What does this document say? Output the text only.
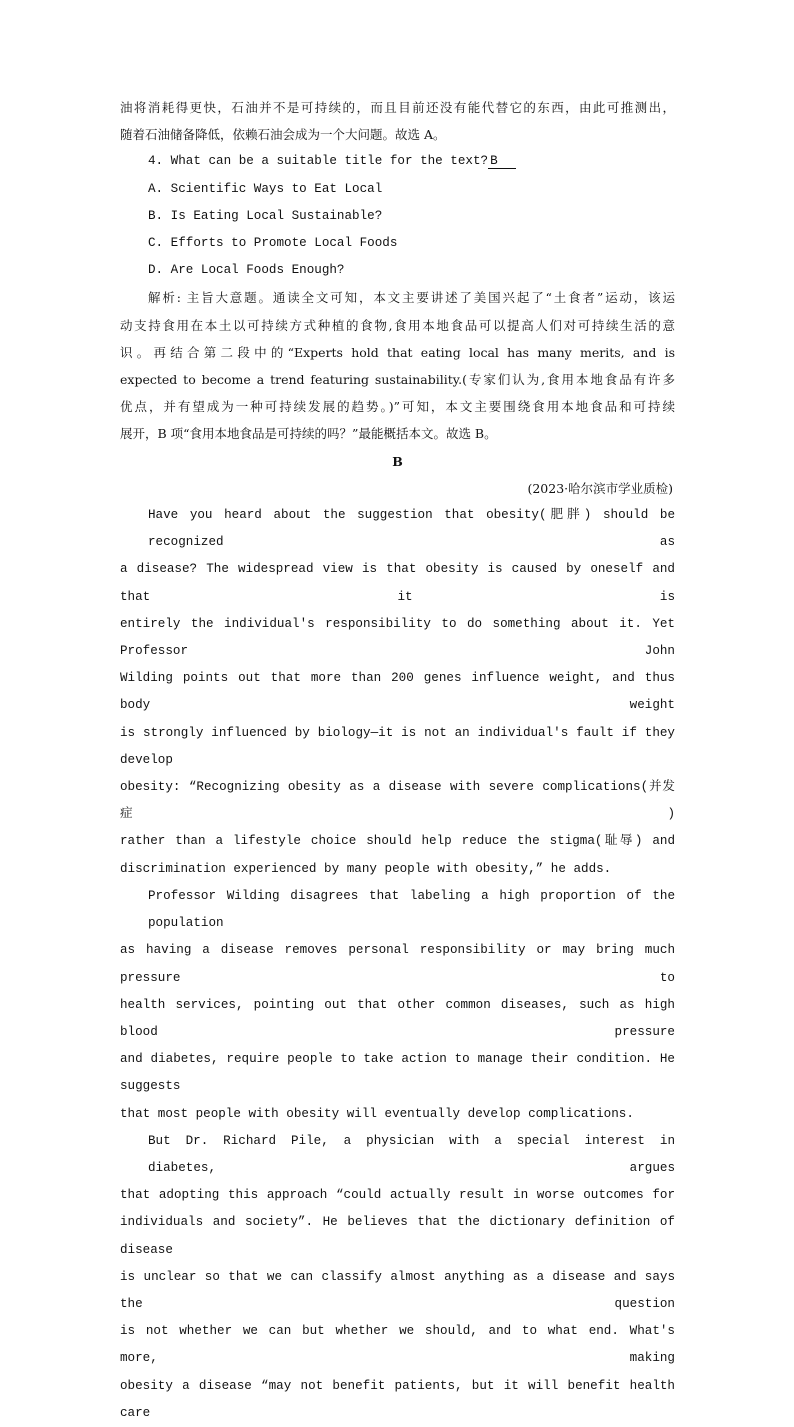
油将消耗得更快，石油并不是可持续的，而且目前还没有能代替它的东西，由此可推测出，
随着石油储备降低，依赖石油会成为一个大问题。故选 A。
4. What can be a suitable title for the text? B
A. Scientific Ways to Eat Local
B. Is Eating Local Sustainable?
C. Efforts to Promote Local Foods
D. Are Local Foods Enough?
解析: 主旨大意题。通读全文可知，本文主要讲述了美国兴起了“土食者”运动，该运
动支持食用在本土以可持续方式种植的食物,食用本地食品可以提高人们对可持续生活的意
识。再结合第二段中的“Experts hold that eating local has many merits, and is
expected to become a trend featuring sustainability.(专家们认为,食用本地食品有许多
优点，并有望成为一种可持续发展的趋势。)”可知，本文主要围绕食用本地食品和可持续
展开，B 项“食用本地食品是可持续的吗？”最能概括本文。故选 B。
B
(2023·哈尔滨市学业质检)
Have you heard about the suggestion that obesity(肥胖) should be recognized as
a disease? The widespread view is that obesity is caused by oneself and that it is
entirely the individual's responsibility to do something about it. Yet Professor John
Wilding points out that more than 200 genes influence weight, and thus body weight
is strongly influenced by biology—it is not an individual's fault if they develop
obesity: “Recognizing obesity as a disease with severe complications(并发症)
rather than a lifestyle choice should help reduce the stigma(耻辱) and
discrimination experienced by many people with obesity,” he adds.
Professor Wilding disagrees that labeling a high proportion of the population
as having a disease removes personal responsibility or may bring much pressure to
health services, pointing out that other common diseases, such as high blood pressure
and diabetes, require people to take action to manage their condition. He suggests
that most people with obesity will eventually develop complications.
But Dr. Richard Pile, a physician with a special interest in diabetes, argues
that adopting this approach “could actually result in worse outcomes for
individuals and society”. He believes that the dictionary definition of disease
is unclear so that we can classify almost anything as a disease and says the question
is not whether we can but whether we should, and to what end. What's more, making
obesity a disease “may not benefit patients, but it will benefit health care
